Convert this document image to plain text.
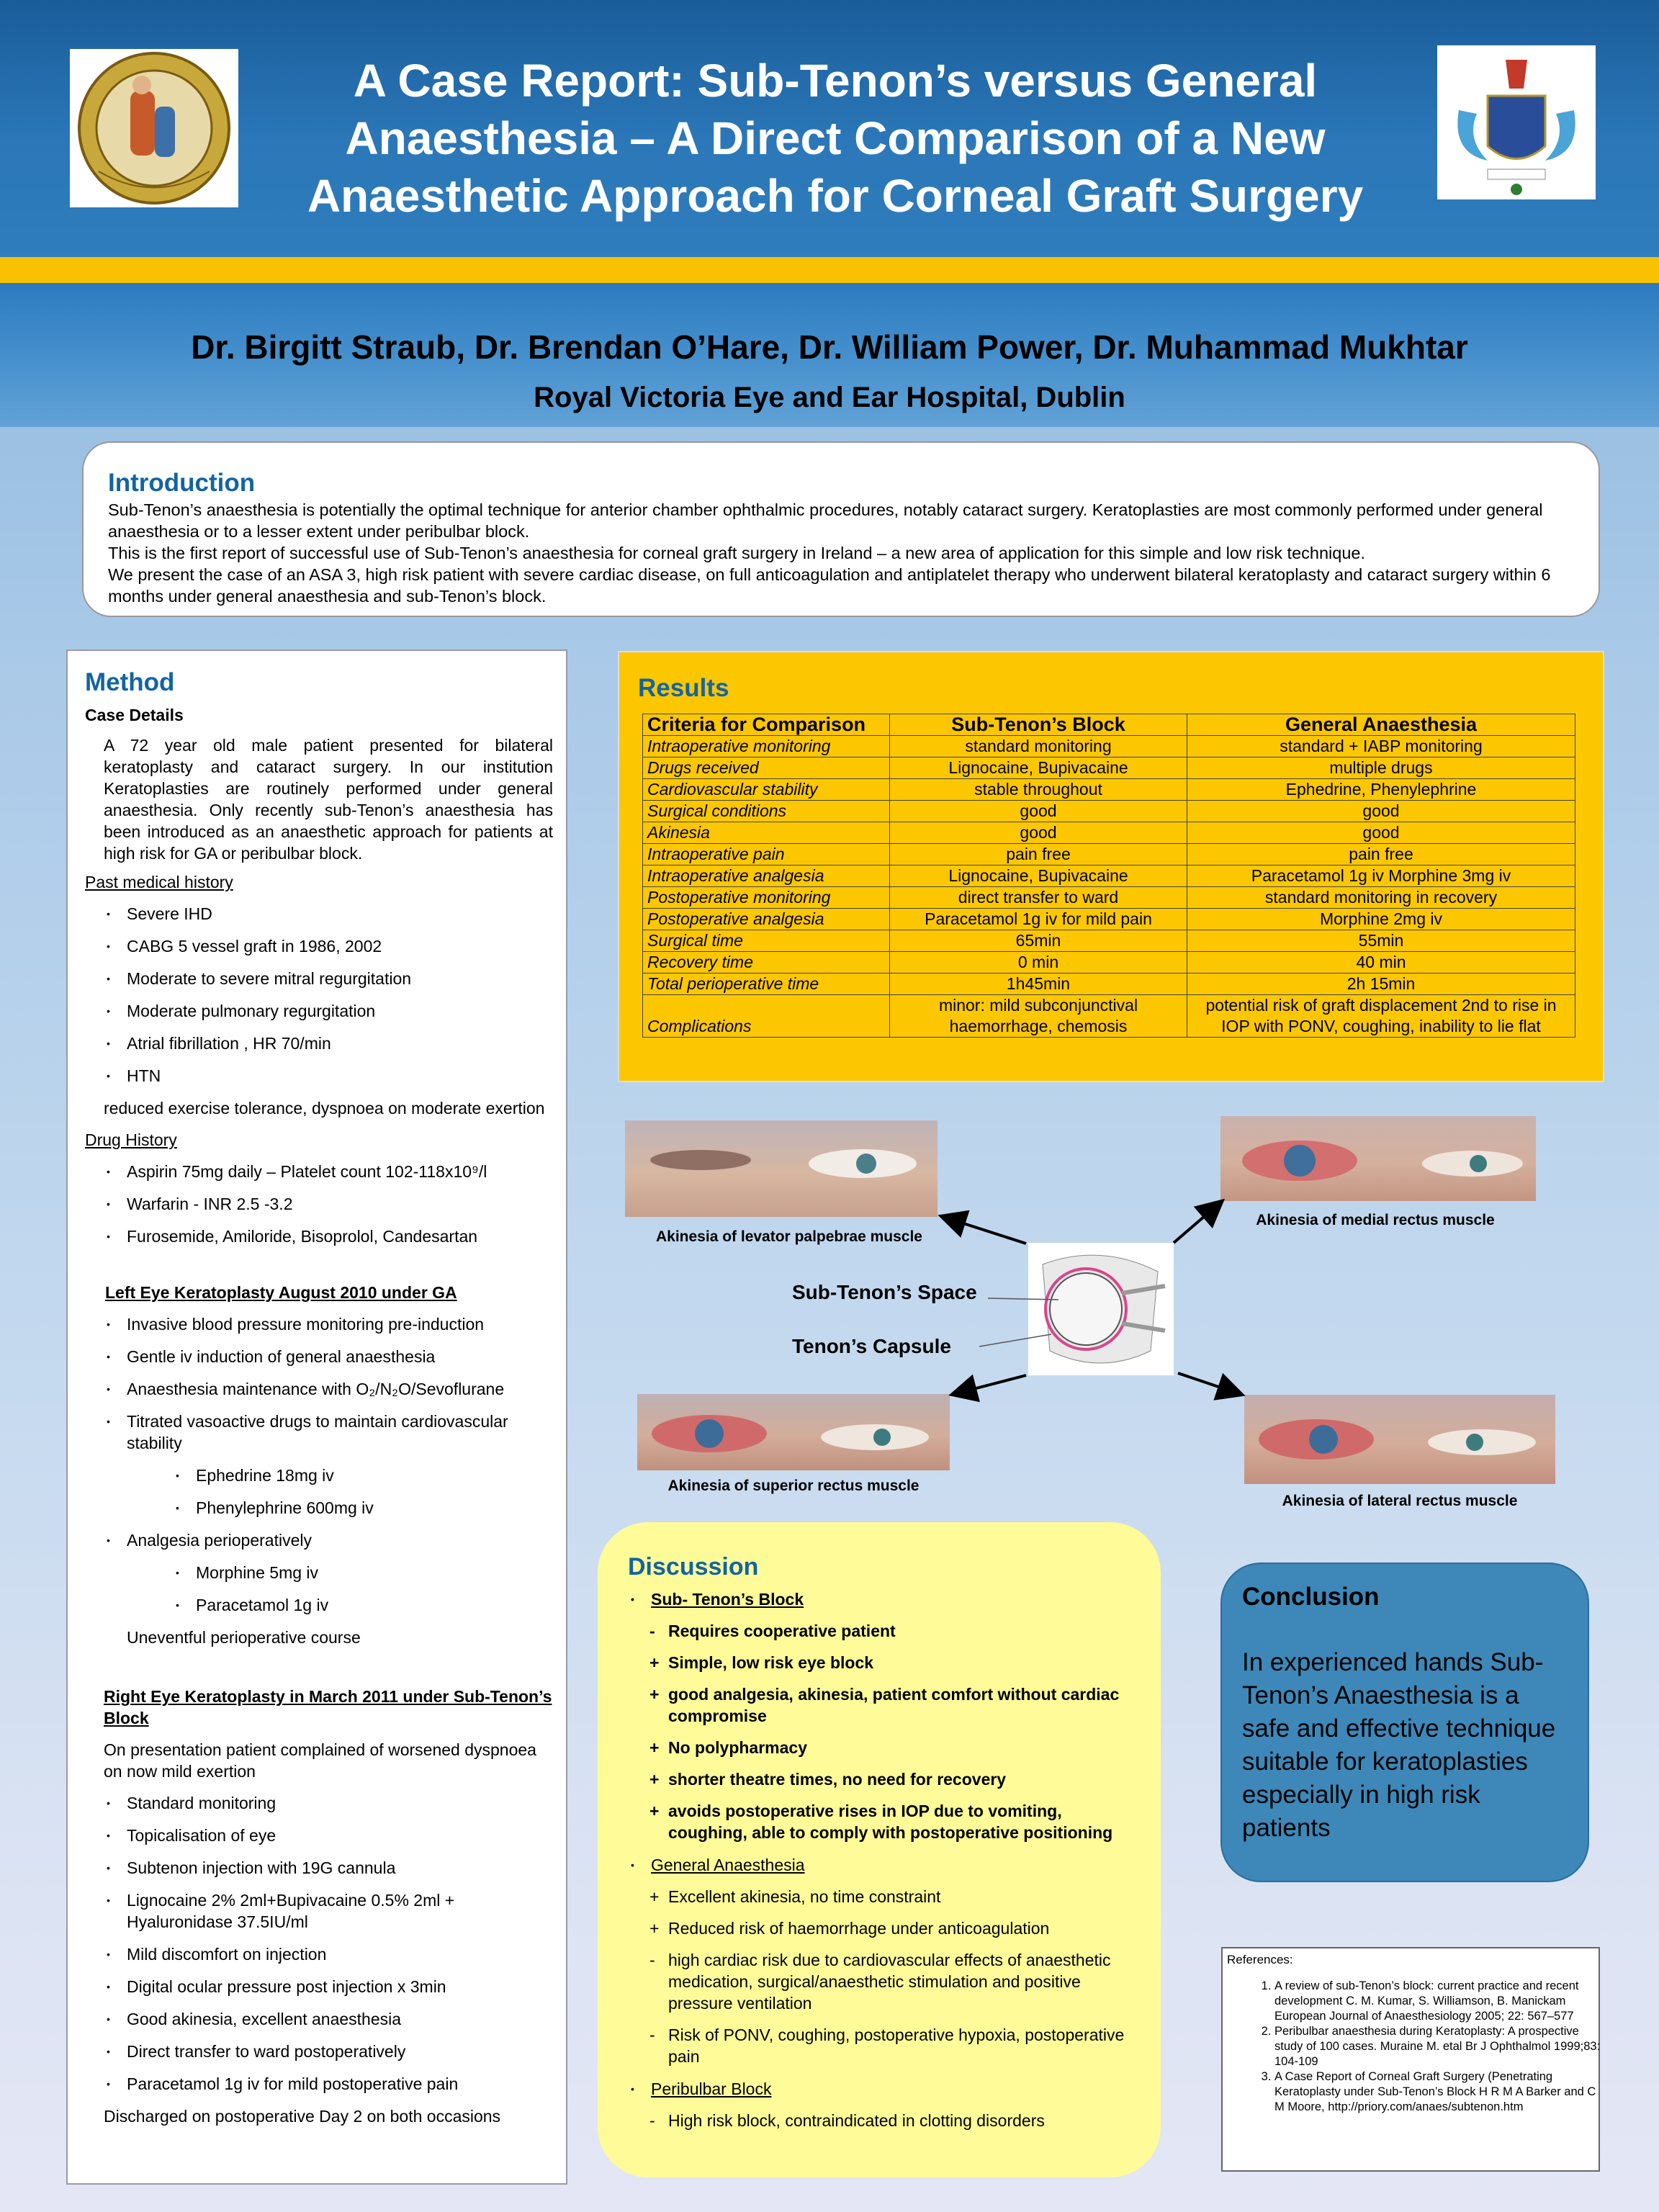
A Case Report: Sub-Tenon’s versus General Anaesthesia – A Direct Comparison of a New Anaesthetic Approach for Corneal Graft Surgery
Dr. Birgitt Straub, Dr. Brendan O’Hare, Dr. William Power, Dr. Muhammad Mukhtar
Royal Victoria Eye and Ear Hospital, Dublin
Introduction

Sub-Tenon’s anaesthesia is potentially the optimal technique for anterior chamber ophthalmic procedures, notably cataract surgery. Keratoplasties are most commonly performed under general anaesthesia or to a lesser extent under peribulbar block.
This is the first report of successful use of Sub-Tenon’s anaesthesia for corneal graft surgery in Ireland – a new area of application for this simple and low risk technique.
We present the case of an ASA 3, high risk patient with severe cardiac disease, on full anticoagulation and antiplatelet therapy who underwent bilateral keratoplasty and cataract surgery within 6 months under general anaesthesia and sub-Tenon’s block.

Method
Case Details
A 72 year old male patient presented for bilateral keratoplasty and cataract surgery. In our institution Keratoplasties are routinely performed under general anaesthesia. Only recently sub-Tenon’s anaesthesia has been introduced as an anaesthetic approach for patients at high risk for GA or peribulbar block.
Past medical history
• Severe IHD
• CABG 5 vessel graft in 1986, 2002
• Moderate to severe mitral regurgitation
• Moderate pulmonary regurgitation
• Atrial fibrillation , HR 70/min
• HTN
reduced exercise tolerance, dyspnoea on moderate exertion
Drug History
• Aspirin 75mg daily – Platelet count 102-118x10⁹/l
• Warfarin - INR 2.5 -3.2
• Furosemide, Amiloride, Bisoprolol, Candesartan
Left Eye Keratoplasty August 2010 under GA
• Invasive blood pressure monitoring pre-induction
• Gentle iv induction of general anaesthesia
• Anaesthesia maintenance with O₂/N₂O/Sevoflurane
• Titrated vasoactive drugs to maintain cardiovascular stability
• Ephedrine 18mg iv
• Phenylephrine 600mg iv
• Analgesia perioperatively
• Morphine 5mg iv
• Paracetamol 1g iv
Uneventful perioperative course
Right Eye Keratoplasty in March 2011 under Sub-Tenon’s Block
On presentation patient complained of worsened dyspnoea on now mild exertion
• Standard monitoring
• Topicalisation of eye
• Subtenon injection with 19G cannula
• Lignocaine 2% 2ml+Bupivacaine 0.5% 2ml + Hyaluronidase 37.5IU/ml
• Mild discomfort on injection
• Digital ocular pressure post injection x 3min
• Good akinesia, excellent anaesthesia
• Direct transfer to ward postoperatively
• Paracetamol 1g iv for mild postoperative pain
Discharged on postoperative Day 2 on both occasions
Results
Criteria for Comparison	Sub-Tenon’s Block	General Anaesthesia
Intraoperative monitoring	standard monitoring	standard + IABP monitoring
Drugs received	Lignocaine, Bupivacaine	multiple drugs
Cardiovascular stability	stable throughout	Ephedrine, Phenylephrine
Surgical conditions	good	good
Akinesia	good	good
Intraoperative pain	pain free	pain free
Intraoperative analgesia	Lignocaine, Bupivacaine	Paracetamol 1g iv Morphine 3mg iv
Postoperative monitoring	direct transfer to ward	standard monitoring in recovery
Postoperative analgesia	Paracetamol 1g iv for mild pain	Morphine 2mg iv
Surgical time	65min	55min
Recovery time	0 min	40 min
Total perioperative time	1h45min	2h 15min
Complications	minor: mild subconjunctival haemorrhage, chemosis	potential risk of graft displacement 2nd to rise in IOP with PONV, coughing, inability to lie flat
Akinesia of levator palpebrae muscle
Akinesia of medial rectus muscle
Akinesia of superior rectus muscle
Akinesia of lateral rectus muscle
Sub-Tenon’s Space
Tenon’s Capsule
Discussion
• Sub- Tenon’s Block
- Requires cooperative patient
+ Simple, low risk eye block
+ good analgesia, akinesia, patient comfort without cardiac compromise
+ No polypharmacy
+ shorter theatre times, no need for recovery
+ avoids postoperative rises in IOP due to vomiting, coughing, able to comply with postoperative positioning
• General Anaesthesia
+ Excellent akinesia, no time constraint
+ Reduced risk of haemorrhage under anticoagulation
- high cardiac risk due to cardiovascular effects of anaesthetic medication, surgical/anaesthetic stimulation and positive pressure ventilation
- Risk of PONV, coughing, postoperative hypoxia, postoperative pain
• Peribulbar Block
- High risk block, contraindicated in clotting disorders
Conclusion
In experienced hands Sub-Tenon’s Anaesthesia is a safe and effective technique suitable for keratoplasties especially in high risk patients
References:
1. A review of sub-Tenon’s block: current practice and recent development C. M. Kumar, S. Williamson, B. Manickam European Journal of Anaesthesiology 2005; 22: 567–577
2. Peribulbar anaesthesia during Keratoplasty: A prospective study of 100 cases. Muraine M. etal Br J Ophthalmol 1999;83: 104-109
3. A Case Report of Corneal Graft Surgery (Penetrating Keratoplasty under Sub-Tenon’s Block H R M A Barker and C M Moore, http://priory.com/anaes/subtenon.htm
